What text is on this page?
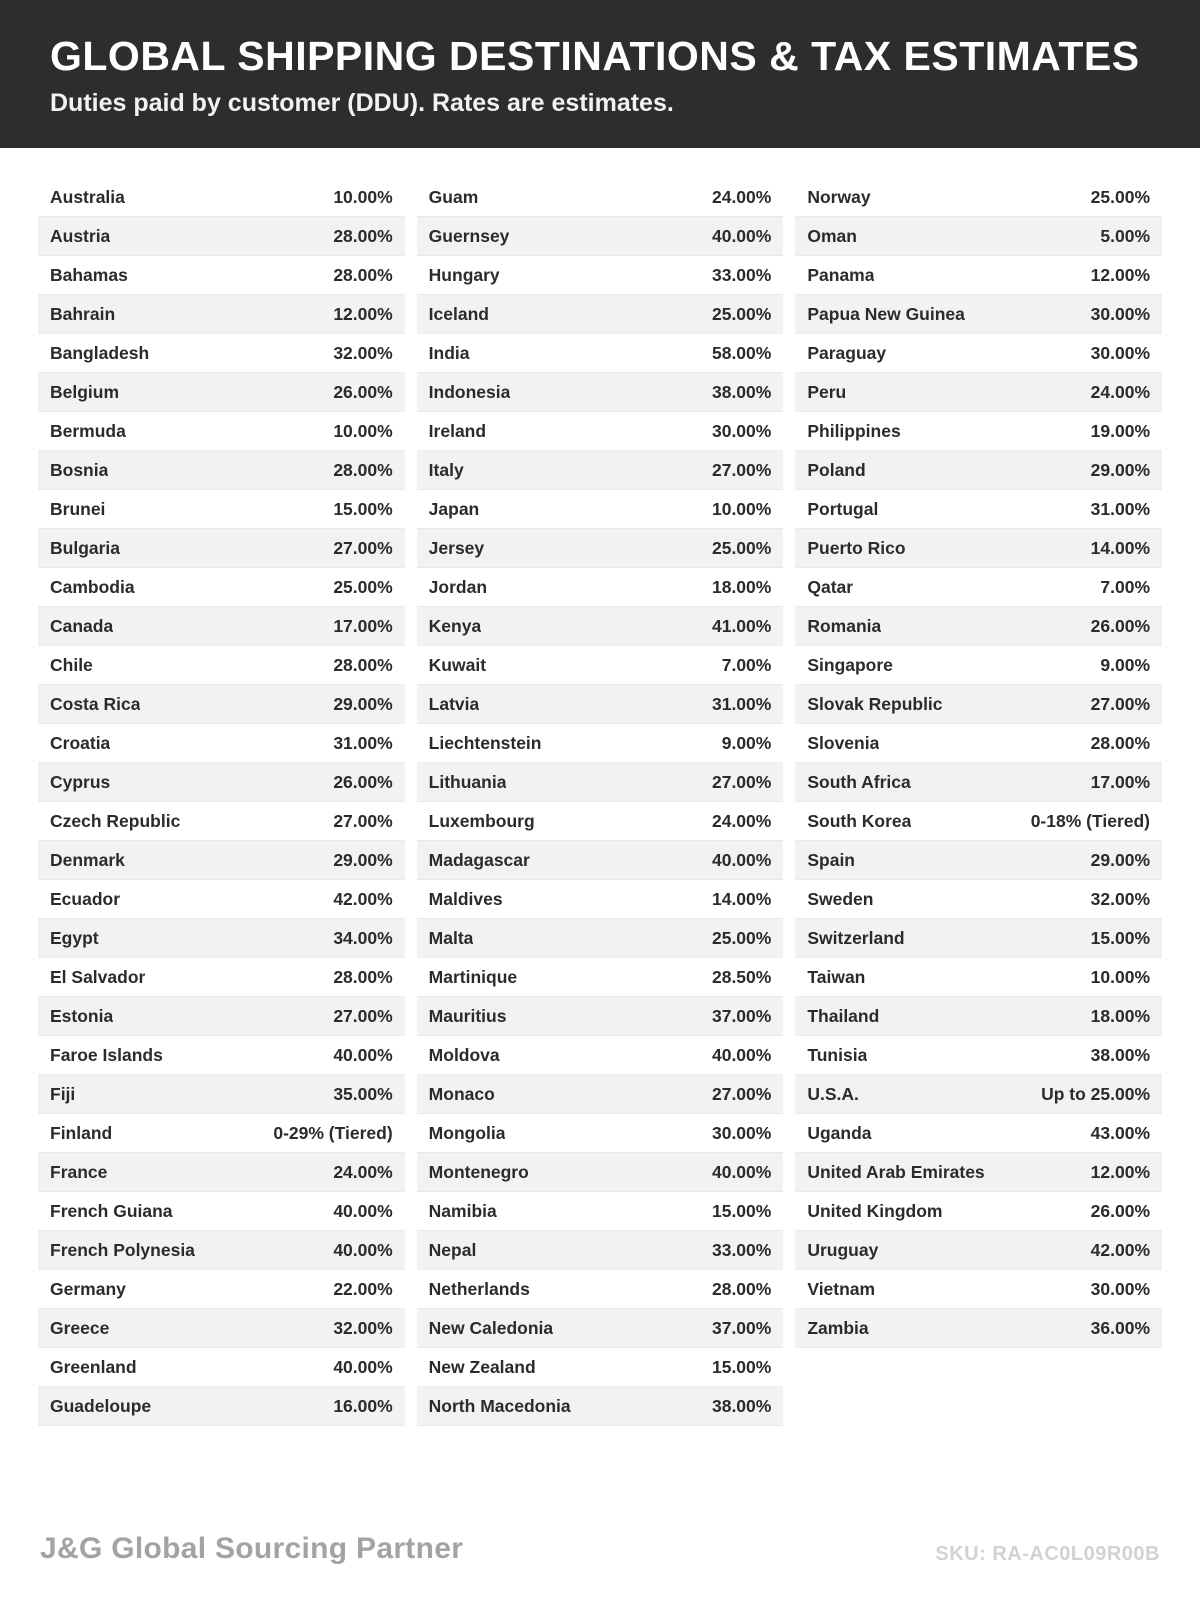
GLOBAL SHIPPING DESTINATIONS & TAX ESTIMATES
Duties paid by customer (DDU). Rates are estimates.
Australia	10.00%
Austria	28.00%
Bahamas	28.00%
Bahrain	12.00%
Bangladesh	32.00%
Belgium	26.00%
Bermuda	10.00%
Bosnia	28.00%
Brunei	15.00%
Bulgaria	27.00%
Cambodia	25.00%
Canada	17.00%
Chile	28.00%
Costa Rica	29.00%
Croatia	31.00%
Cyprus	26.00%
Czech Republic	27.00%
Denmark	29.00%
Ecuador	42.00%
Egypt	34.00%
El Salvador	28.00%
Estonia	27.00%
Faroe Islands	40.00%
Fiji	35.00%
Finland	0-29% (Tiered)
France	24.00%
French Guiana	40.00%
French Polynesia	40.00%
Germany	22.00%
Greece	32.00%
Greenland	40.00%
Guadeloupe	16.00%
Guam	24.00%
Guernsey	40.00%
Hungary	33.00%
Iceland	25.00%
India	58.00%
Indonesia	38.00%
Ireland	30.00%
Italy	27.00%
Japan	10.00%
Jersey	25.00%
Jordan	18.00%
Kenya	41.00%
Kuwait	7.00%
Latvia	31.00%
Liechtenstein	9.00%
Lithuania	27.00%
Luxembourg	24.00%
Madagascar	40.00%
Maldives	14.00%
Malta	25.00%
Martinique	28.50%
Mauritius	37.00%
Moldova	40.00%
Monaco	27.00%
Mongolia	30.00%
Montenegro	40.00%
Namibia	15.00%
Nepal	33.00%
Netherlands	28.00%
New Caledonia	37.00%
New Zealand	15.00%
North Macedonia	38.00%
Norway	25.00%
Oman	5.00%
Panama	12.00%
Papua New Guinea	30.00%
Paraguay	30.00%
Peru	24.00%
Philippines	19.00%
Poland	29.00%
Portugal	31.00%
Puerto Rico	14.00%
Qatar	7.00%
Romania	26.00%
Singapore	9.00%
Slovak Republic	27.00%
Slovenia	28.00%
South Africa	17.00%
South Korea	0-18% (Tiered)
Spain	29.00%
Sweden	32.00%
Switzerland	15.00%
Taiwan	10.00%
Thailand	18.00%
Tunisia	38.00%
U.S.A.	Up to 25.00%
Uganda	43.00%
United Arab Emirates	12.00%
United Kingdom	26.00%
Uruguay	42.00%
Vietnam	30.00%
Zambia	36.00%
J&G Global Sourcing Partner	SKU: RA-AC0L09R00B
